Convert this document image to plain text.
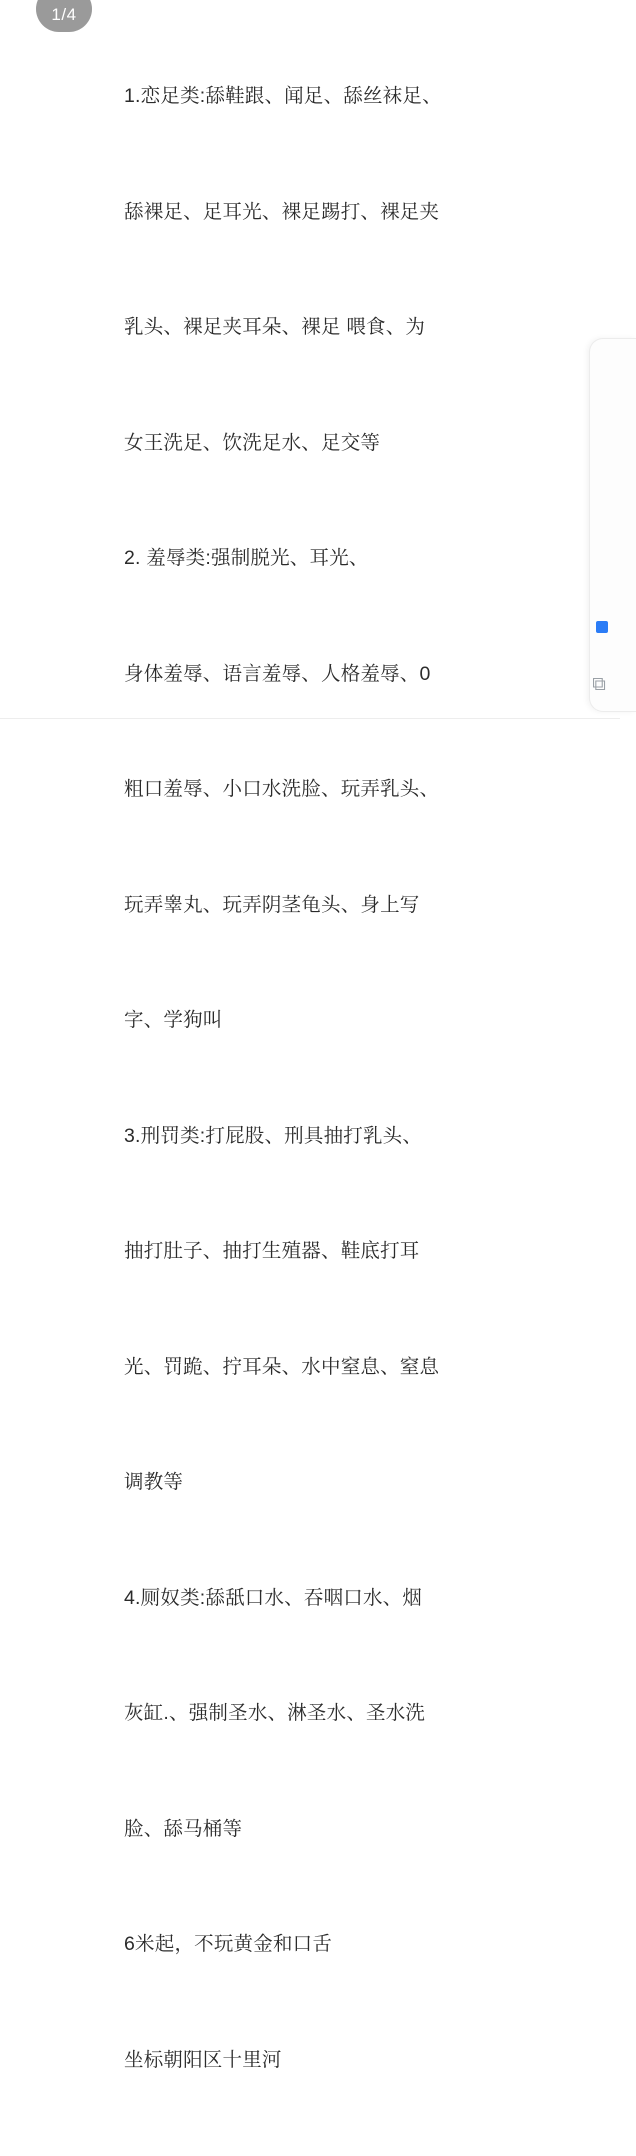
1/4

1.恋足类:舔鞋跟、闻足、舔丝袜足、

舔裸足、足耳光、裸足踢打、裸足夹

乳头、裸足夹耳朵、裸足 喂食、为

女王洗足、饮洗足水、足交等

2. 羞辱类:强制脱光、耳光、

身体羞辱、语言羞辱、人格羞辱、0

粗口羞辱、小口水洗脸、玩弄乳头、

玩弄睾丸、玩弄阴茎龟头、身上写

字、学狗叫

3.刑罚类:打屁股、刑具抽打乳头、

抽打肚子、抽打生殖器、鞋底打耳

光、罚跪、拧耳朵、水中窒息、窒息

调教等

4.厕奴类:舔舐口水、吞咽口水、烟

灰缸.、强制圣水、淋圣水、圣水洗

脸、舔马桶等

6米起，不玩黄金和口舌

坐标朝阳区十里河

⧉
